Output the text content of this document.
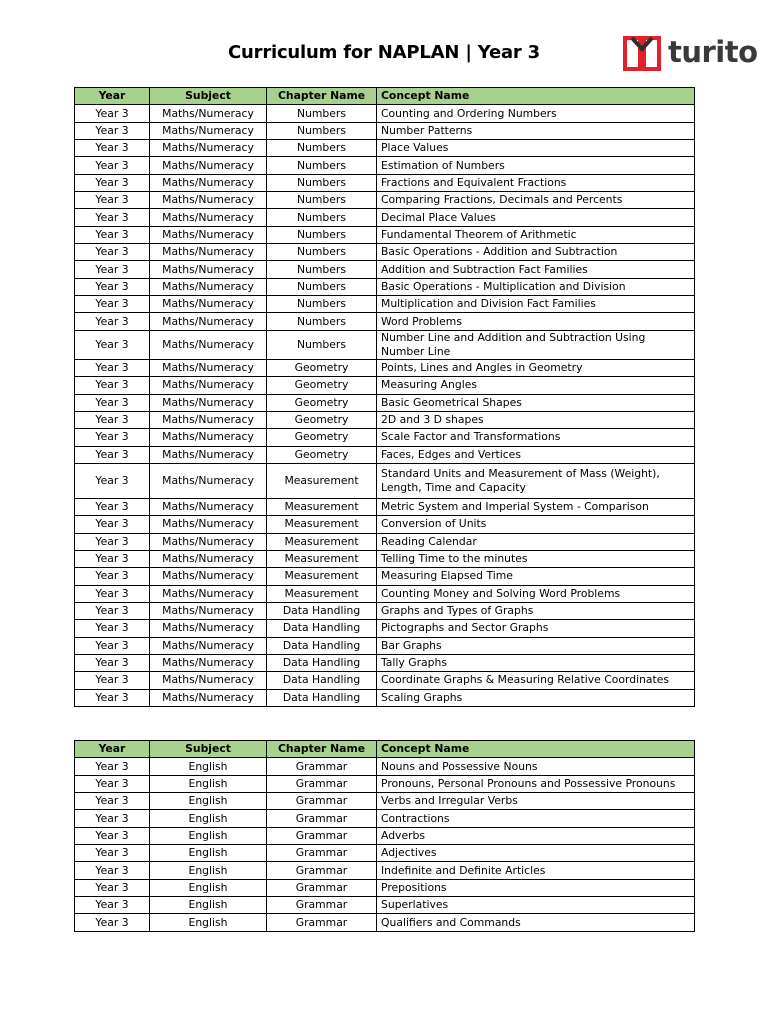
Curriculum for NAPLAN | Year 3	turito
Year	Subject	Chapter Name	Concept Name
Year 3	Maths/Numeracy	Numbers	Counting and Ordering Numbers
Year 3	Maths/Numeracy	Numbers	Number Patterns
Year 3	Maths/Numeracy	Numbers	Place Values
Year 3	Maths/Numeracy	Numbers	Estimation of Numbers
Year 3	Maths/Numeracy	Numbers	Fractions and Equivalent Fractions
Year 3	Maths/Numeracy	Numbers	Comparing Fractions, Decimals and Percents
Year 3	Maths/Numeracy	Numbers	Decimal Place Values
Year 3	Maths/Numeracy	Numbers	Fundamental Theorem of Arithmetic
Year 3	Maths/Numeracy	Numbers	Basic Operations - Addition and Subtraction
Year 3	Maths/Numeracy	Numbers	Addition and Subtraction Fact Families
Year 3	Maths/Numeracy	Numbers	Basic Operations - Multiplication and Division
Year 3	Maths/Numeracy	Numbers	Multiplication and Division Fact Families
Year 3	Maths/Numeracy	Numbers	Word Problems
Year 3	Maths/Numeracy	Numbers	Number Line and Addition and Subtraction Using Number Line
Year 3	Maths/Numeracy	Geometry	Points, Lines and Angles in Geometry
Year 3	Maths/Numeracy	Geometry	Measuring Angles
Year 3	Maths/Numeracy	Geometry	Basic Geometrical Shapes
Year 3	Maths/Numeracy	Geometry	2D and 3 D shapes
Year 3	Maths/Numeracy	Geometry	Scale Factor and Transformations
Year 3	Maths/Numeracy	Geometry	Faces, Edges and Vertices
Year 3	Maths/Numeracy	Measurement	Standard Units and Measurement of Mass (Weight), Length, Time and Capacity
Year 3	Maths/Numeracy	Measurement	Metric System and Imperial System - Comparison
Year 3	Maths/Numeracy	Measurement	Conversion of Units
Year 3	Maths/Numeracy	Measurement	Reading Calendar
Year 3	Maths/Numeracy	Measurement	Telling Time to the minutes
Year 3	Maths/Numeracy	Measurement	Measuring Elapsed Time
Year 3	Maths/Numeracy	Measurement	Counting Money and Solving Word Problems
Year 3	Maths/Numeracy	Data Handling	Graphs and Types of Graphs
Year 3	Maths/Numeracy	Data Handling	Pictographs and Sector Graphs
Year 3	Maths/Numeracy	Data Handling	Bar Graphs
Year 3	Maths/Numeracy	Data Handling	Tally Graphs
Year 3	Maths/Numeracy	Data Handling	Coordinate Graphs & Measuring Relative Coordinates
Year 3	Maths/Numeracy	Data Handling	Scaling Graphs
Year	Subject	Chapter Name	Concept Name
Year 3	English	Grammar	Nouns and Possessive Nouns
Year 3	English	Grammar	Pronouns, Personal Pronouns and Possessive Pronouns
Year 3	English	Grammar	Verbs and Irregular Verbs
Year 3	English	Grammar	Contractions
Year 3	English	Grammar	Adverbs
Year 3	English	Grammar	Adjectives
Year 3	English	Grammar	Indefinite and Definite Articles
Year 3	English	Grammar	Prepositions
Year 3	English	Grammar	Superlatives
Year 3	English	Grammar	Qualifiers and Commands
